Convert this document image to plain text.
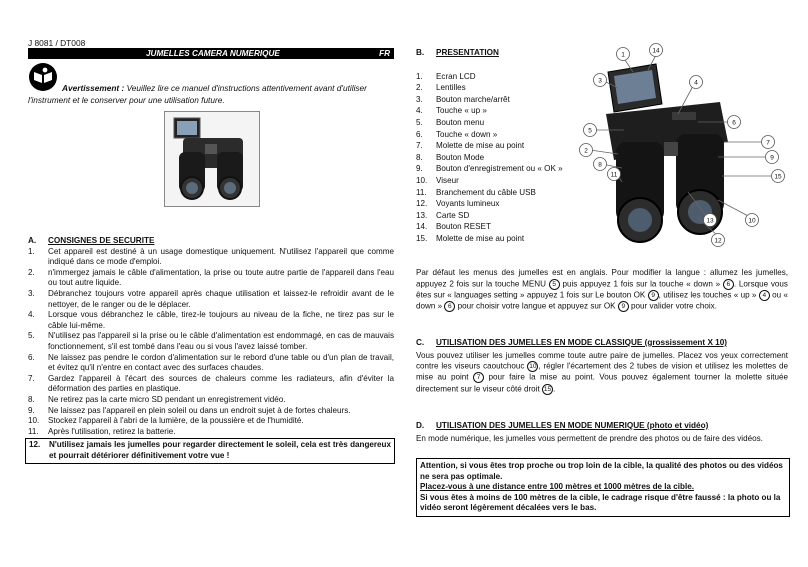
J 8081 / DT008
JUMELLES CAMERA NUMERIQUE	FR
Avertissement : Veuillez lire ce manuel d'instructions attentivement avant d'utiliser l'instrument et le conserver pour une utilisation future.
A. CONSIGNES DE SECURITE
1. Cet appareil est destiné à un usage domestique uniquement. N'utilisez l'appareil que comme indiqué dans ce mode d'emploi.
2. n'immergez jamais le câble d'alimentation, la prise ou toute autre partie de l'appareil dans l'eau ou tout autre liquide.
3. Débranchez toujours votre appareil après chaque utilisation et laissez-le refroidir avant de le nettoyer, de le ranger ou de le déplacer.
4. Lorsque vous débranchez le câble, tirez-le toujours au niveau de la fiche, ne tirez pas sur le câble lui-même.
5. N'utilisez pas l'appareil si la prise ou le câble d'alimentation est endommagé, en cas de mauvais fonctionnement, s'il est tombé dans l'eau ou si vous l'avez laissé tomber.
6. Ne laissez pas pendre le cordon d'alimentation sur le rebord d'une table ou d'un plan de travail, et évitez qu'il n'entre en contact avec des surfaces chaudes.
7. Gardez l'appareil à l'écart des sources de chaleurs comme les radiateurs, afin d'éviter la déformation des parties en plastique.
8. Ne retirez pas la carte micro SD pendant un enregistrement vidéo.
9. Ne laissez pas l'appareil en plein soleil ou dans un endroit sujet à de fortes chaleurs.
10. Stockez l'appareil à l'abri de la lumière, de la poussière et de l'humidité.
11. Après l'utilisation, retirez la batterie.
12. N'utilisez jamais les jumelles pour regarder directement le soleil, cela est très dangereux et pourrait détériorer définitivement votre vue !
B. PRESENTATION
1. Ecran LCD
2. Lentilles
3. Bouton marche/arrêt
4. Touche « up »
5. Bouton menu
6. Touche « down »
7. Molette de mise au point
8. Bouton Mode
9. Bouton d'enregistrement ou « OK »
10. Viseur
11. Branchement du câble USB
12. Voyants lumineux
13. Carte SD
14. Bouton RESET
15. Molette de mise au point
1
14
3	4
6
5
7
2
8
9
11	15
13	10
12
Par défaut les menus des jumelles est en anglais. Pour modifier la langue : allumez les jumelles, appuyez 2 fois sur la touche MENU 5 puis appuyez 1 fois sur la touche « down » 6 . Lorsque vous êtes sur « languages setting » appuyez 1 fois sur Le bouton OK 9 , utilisez les touches « up » 4 ou « down » 6 pour choisir votre langue et appuyez sur OK 9 pour valider votre choix.
C. UTILISATION DES JUMELLES EN MODE CLASSIQUE (grossissement X 10)
Vous pouvez utiliser les jumelles comme toute autre paire de jumelles. Placez vos yeux correctement contre les viseurs caoutchouc 10 , régler l'écartement des 2 tubes de vision et utilisez les molettes de mise au point 7 pour faire la mise au point. Vous pouvez également tourner la molette située directement sur le viseur côté droit 15 .
D. UTILISATION DES JUMELLES EN MODE NUMERIQUE (photo et vidéo)
En mode numérique, les jumelles vous permettent de prendre des photos ou de faire des vidéos.
Attention, si vous êtes trop proche ou trop loin de la cible, la qualité des photos ou des vidéos ne sera pas optimale.
Placez-vous à une distance entre 100 mètres et 1000 mètres de la cible.
Si vous êtes à moins de 100 mètres de la cible, le cadrage risque d'être faussé : la photo ou la vidéo seront légèrement décalées vers le bas.
